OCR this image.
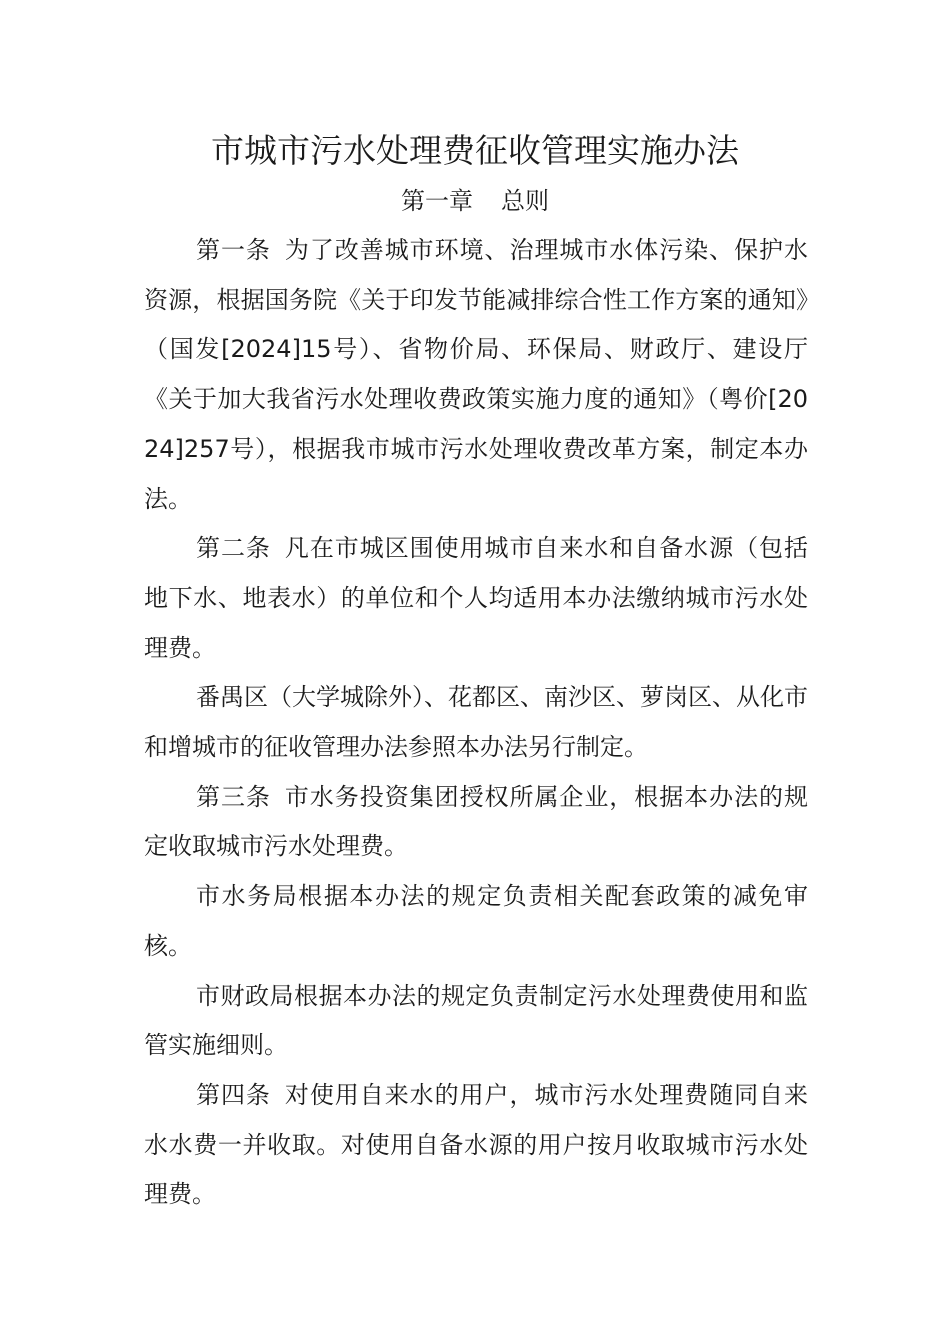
市城市污水处理费征收管理实施办法
第一章 总则

第一条 为了改善城市环境、治理城市水体污染、保护水资源，根据国务院《关于印发节能减排综合性工作方案的通知》（国发[2024]15号）、省物价局、环保局、财政厅、建设厅《关于加大我省污水处理收费政策实施力度的通知》（粤价[2024]257号），根据我市城市污水处理收费改革方案，制定本办法。

第二条 凡在市城区围使用城市自来水和自备水源（包括地下水、地表水）的单位和个人均适用本办法缴纳城市污水处理费。

番禺区（大学城除外）、花都区、南沙区、萝岗区、从化市和增城市的征收管理办法参照本办法另行制定。

第三条 市水务投资集团授权所属企业，根据本办法的规定收取城市污水处理费。

市水务局根据本办法的规定负责相关配套政策的减免审核。

市财政局根据本办法的规定负责制定污水处理费使用和监管实施细则。

第四条 对使用自来水的用户，城市污水处理费随同自来水水费一并收取。对使用自备水源的用户按月收取城市污水处理费。
